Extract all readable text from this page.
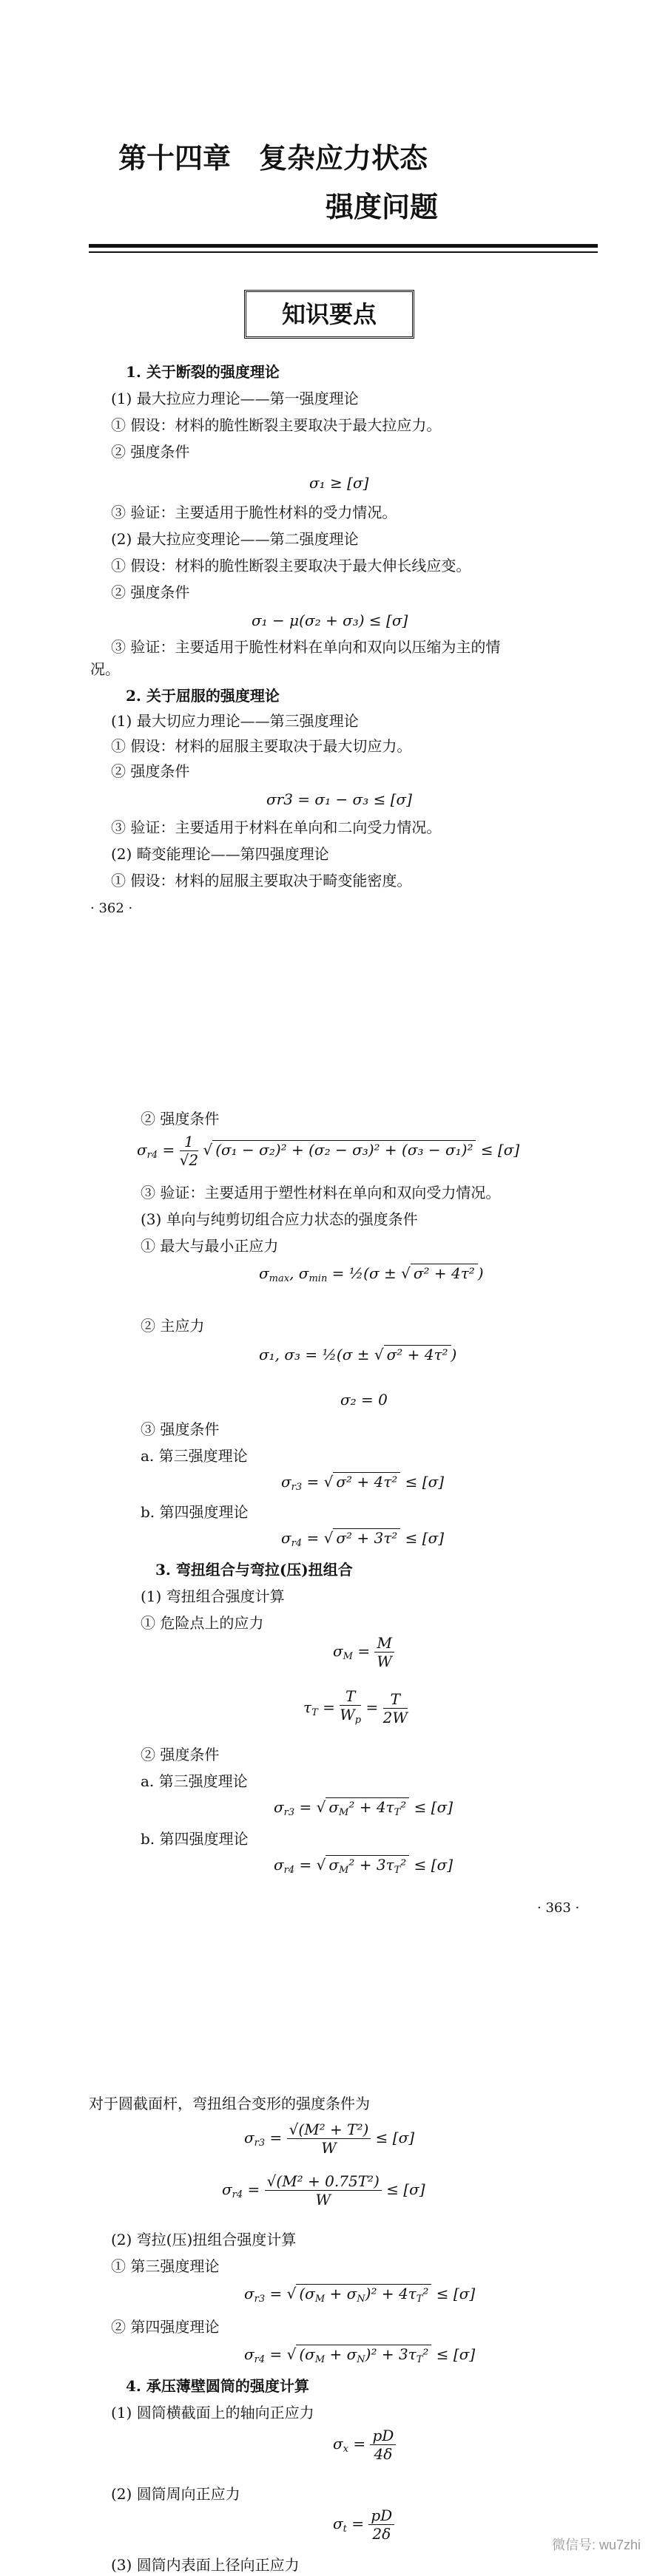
第十四章　复杂应力状态
强度问题
知识要点
1. 关于断裂的强度理论
(1) 最大拉应力理论——第一强度理论
① 假设：材料的脆性断裂主要取决于最大拉应力。
② 强度条件
σ₁ ≥ [σ]
③ 验证：主要适用于脆性材料的受力情况。
(2) 最大拉应变理论——第二强度理论
① 假设：材料的脆性断裂主要取决于最大伸长线应变。
② 强度条件
σ₁ − μ(σ₂ + σ₃) ≤ [σ]
③ 验证：主要适用于脆性材料在单向和双向以压缩为主的情
况。
2. 关于屈服的强度理论
(1) 最大切应力理论——第三强度理论
① 假设：材料的屈服主要取决于最大切应力。
② 强度条件
σr3 = σ₁ − σ₃ ≤ [σ]
③ 验证：主要适用于材料在单向和二向受力情况。
(2) 畸变能理论——第四强度理论
① 假设：材料的屈服主要取决于畸变能密度。
· 362 ·
② 强度条件
$\sigma_{r4} = \frac{1}{√2}$ √ (σ₁ − σ₂)² + (σ₂ − σ₃)² + (σ₃ − σ₁)² ≤ [σ]
③ 验证：主要适用于塑性材料在单向和双向受力情况。
(3) 单向与纯剪切组合应力状态的强度条件
① 最大与最小正应力
$\sigma_{max}$, $\sigma_{min}$ = ½(σ ± √ σ² + 4τ² )
② 主应力
σ₁, σ₃ = ½(σ ± √ σ² + 4τ² )
σ₂ = 0
③ 强度条件
a. 第三强度理论
$\sigma_{r3}$ = √ σ² + 4τ² ≤ [σ]
b. 第四强度理论
$\sigma_{r4}$ = √ σ² + 3τ² ≤ [σ]
3. 弯扭组合与弯拉(压)扭组合
(1) 弯扭组合强度计算
① 危险点上的应力
$\sigma_M = \frac{M}{W}$
$\tau_T = \frac{T}{W_p} = \frac{T}{2W}$
② 强度条件
a. 第三强度理论
$\sigma_{r3}$ = √ $\sigma_M^2 + 4\tau_T^2 \le [\sigma]$
b. 第四强度理论
$\sigma_{r4}$ = √ $\sigma_M^2 + 3\tau_T^2 \le [\sigma]$
· 363 ·
对于圆截面杆，弯扭组合变形的强度条件为
$\sigma_{r3} = \frac{\text{√(M² + T²)}}{W} \le [\sigma]$
$\sigma_{r4} = \frac{\text{√(M² + 0.75T²)}}{W} \le [\sigma]$
(2) 弯拉(压)扭组合强度计算
① 第三强度理论
$\sigma_{r3}$ = √ $(\sigma_M + \sigma_N)^2 + 4\tau_T^2 \le [\sigma]$
② 第四强度理论
$\sigma_{r4}$ = √ $(\sigma_M + \sigma_N)^2 + 3\tau_T^2 \le [\sigma]$
4. 承压薄壁圆筒的强度计算
(1) 圆筒横截面上的轴向正应力
$\sigma_x = \frac{pD}{4\delta}$
(2) 圆筒周向正应力
$\sigma_t = \frac{pD}{2\delta}$
(3) 圆筒内表面上径向正应力
微信号: wu7zhi
